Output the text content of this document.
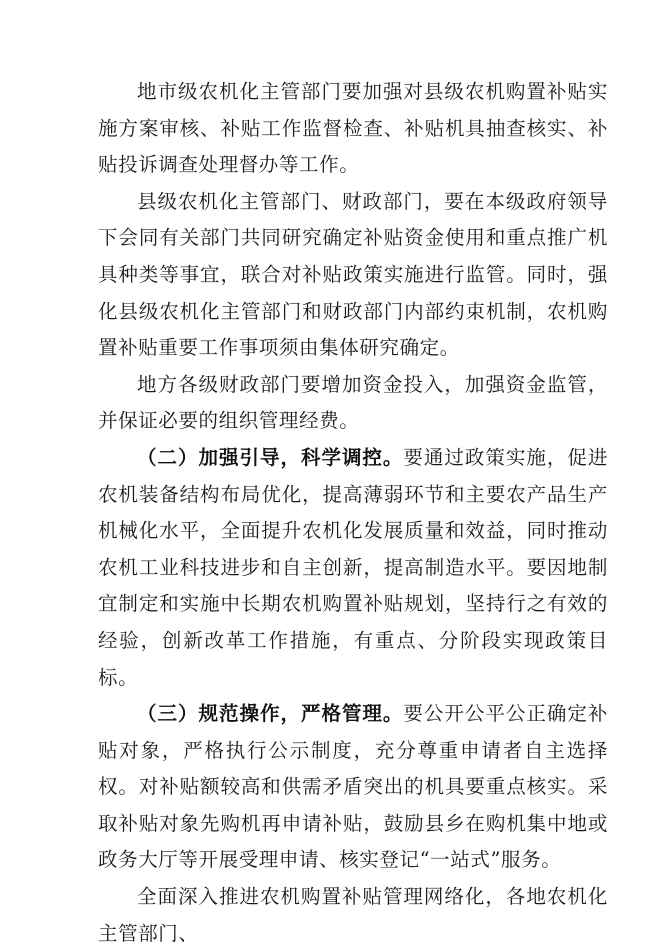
地市级农机化主管部门要加强对县级农机购置补贴实施方案审核、补贴工作监督检查、补贴机具抽查核实、补贴投诉调查处理督办等工作。

县级农机化主管部门、财政部门，要在本级政府领导下会同有关部门共同研究确定补贴资金使用和重点推广机具种类等事宜，联合对补贴政策实施进行监管。同时，强化县级农机化主管部门和财政部门内部约束机制，农机购置补贴重要工作事项须由集体研究确定。

地方各级财政部门要增加资金投入，加强资金监管，并保证必要的组织管理经费。

（二）加强引导，科学调控。要通过政策实施，促进农机装备结构布局优化，提高薄弱环节和主要农产品生产机械化水平，全面提升农机化发展质量和效益，同时推动农机工业科技进步和自主创新，提高制造水平。要因地制宜制定和实施中长期农机购置补贴规划，坚持行之有效的经验，创新改革工作措施，有重点、分阶段实现政策目标。

（三）规范操作，严格管理。要公开公平公正确定补贴对象，严格执行公示制度，充分尊重申请者自主选择权。对补贴额较高和供需矛盾突出的机具要重点核实。采取补贴对象先购机再申请补贴，鼓励县乡在购机集中地或政务大厅等开展受理申请、核实登记“一站式”服务。

全面深入推进农机购置补贴管理网络化，各地农机化主管部门、
